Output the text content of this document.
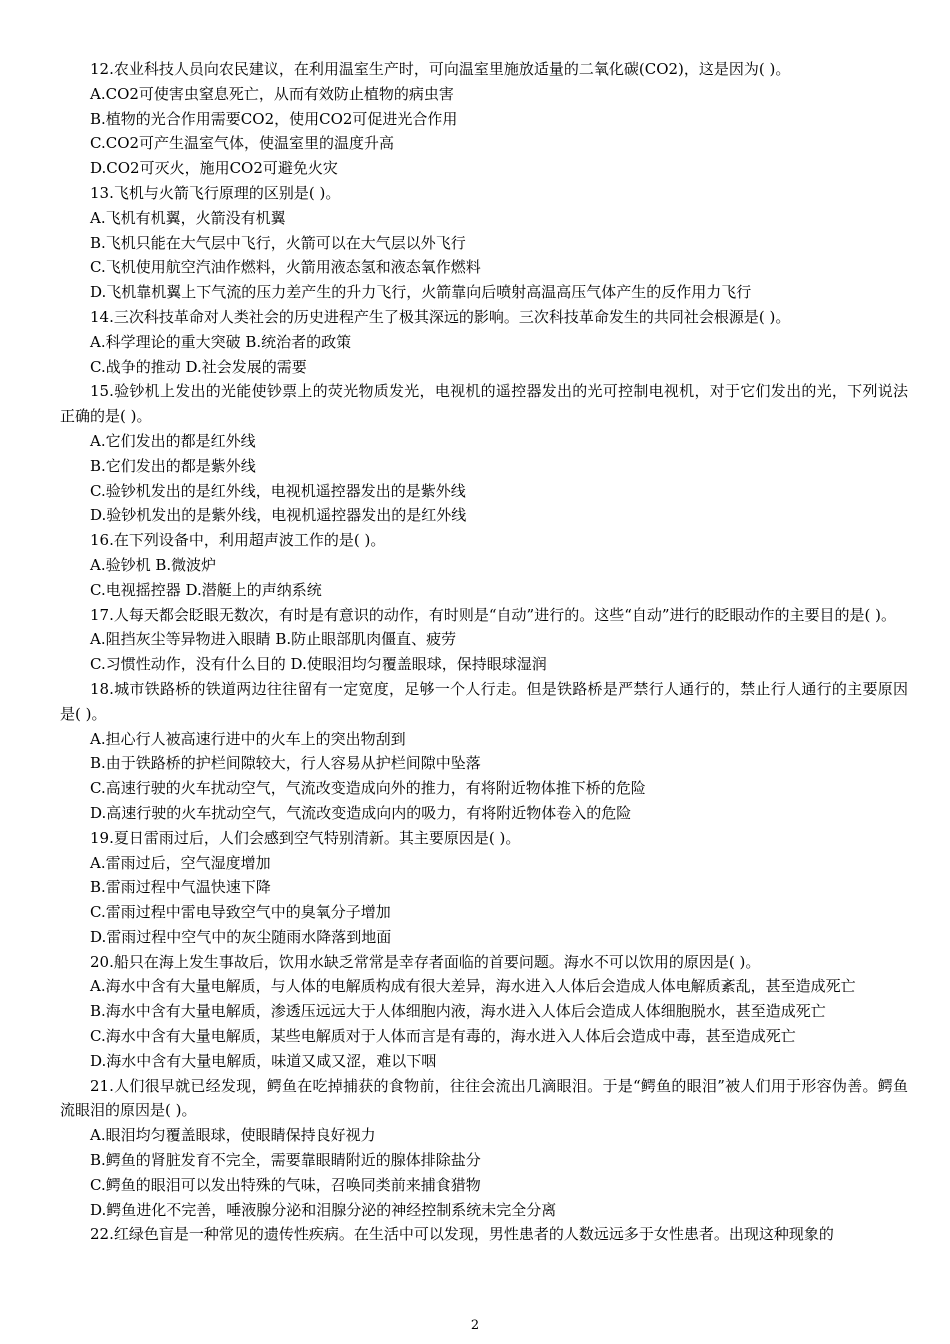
12.农业科技人员向农民建议，在利用温室生产时，可向温室里施放适量的二氧化碳(CO2)，这是因为( )。
A.CO2可使害虫窒息死亡，从而有效防止植物的病虫害
B.植物的光合作用需要CO2，使用CO2可促进光合作用
C.CO2可产生温室气体，使温室里的温度升高
D.CO2可灭火，施用CO2可避免火灾
13.飞机与火箭飞行原理的区别是( )。
A.飞机有机翼，火箭没有机翼
B.飞机只能在大气层中飞行，火箭可以在大气层以外飞行
C.飞机使用航空汽油作燃料，火箭用液态氢和液态氧作燃料
D.飞机靠机翼上下气流的压力差产生的升力飞行，火箭靠向后喷射高温高压气体产生的反作用力飞行
14.三次科技革命对人类社会的历史进程产生了极其深远的影响。三次科技革命发生的共同社会根源是( )。
A.科学理论的重大突破 B.统治者的政策
C.战争的推动 D.社会发展的需要
15.验钞机上发出的光能使钞票上的荧光物质发光，电视机的遥控器发出的光可控制电视机，对于它们发出的光，下列说法正确的是( )。
A.它们发出的都是红外线
B.它们发出的都是紫外线
C.验钞机发出的是红外线，电视机遥控器发出的是紫外线
D.验钞机发出的是紫外线，电视机遥控器发出的是红外线
16.在下列设备中，利用超声波工作的是( )。
A.验钞机 B.微波炉
C.电视摇控器 D.潜艇上的声纳系统
17.人每天都会眨眼无数次，有时是有意识的动作，有时则是“自动”进行的。这些“自动”进行的眨眼动作的主要目的是( )。
A.阻挡灰尘等异物进入眼睛 B.防止眼部肌肉僵直、疲劳
C.习惯性动作，没有什么目的 D.使眼泪均匀覆盖眼球，保持眼球湿润
18.城市铁路桥的铁道两边往往留有一定宽度，足够一个人行走。但是铁路桥是严禁行人通行的，禁止行人通行的主要原因是( )。
A.担心行人被高速行进中的火车上的突出物刮到
B.由于铁路桥的护栏间隙较大，行人容易从护栏间隙中坠落
C.高速行驶的火车扰动空气，气流改变造成向外的推力，有将附近物体推下桥的危险
D.高速行驶的火车扰动空气，气流改变造成向内的吸力，有将附近物体卷入的危险
19.夏日雷雨过后，人们会感到空气特别清新。其主要原因是( )。
A.雷雨过后，空气湿度增加
B.雷雨过程中气温快速下降
C.雷雨过程中雷电导致空气中的臭氧分子增加
D.雷雨过程中空气中的灰尘随雨水降落到地面
20.船只在海上发生事故后，饮用水缺乏常常是幸存者面临的首要问题。海水不可以饮用的原因是( )。
A.海水中含有大量电解质，与人体的电解质构成有很大差异，海水进入人体后会造成人体电解质紊乱，甚至造成死亡
B.海水中含有大量电解质，渗透压远远大于人体细胞内液，海水进入人体后会造成人体细胞脱水，甚至造成死亡
C.海水中含有大量电解质，某些电解质对于人体而言是有毒的，海水进入人体后会造成中毒，甚至造成死亡
D.海水中含有大量电解质，味道又咸又涩，难以下咽
21.人们很早就已经发现，鳄鱼在吃掉捕获的食物前，往往会流出几滴眼泪。于是“鳄鱼的眼泪”被人们用于形容伪善。鳄鱼流眼泪的原因是( )。
A.眼泪均匀覆盖眼球，使眼睛保持良好视力
B.鳄鱼的肾脏发育不完全，需要靠眼睛附近的腺体排除盐分
C.鳄鱼的眼泪可以发出特殊的气味，召唤同类前来捕食猎物
D.鳄鱼进化不完善，唾液腺分泌和泪腺分泌的神经控制系统未完全分离
22.红绿色盲是一种常见的遗传性疾病。在生活中可以发现，男性患者的人数远远多于女性患者。出现这种现象的
2
